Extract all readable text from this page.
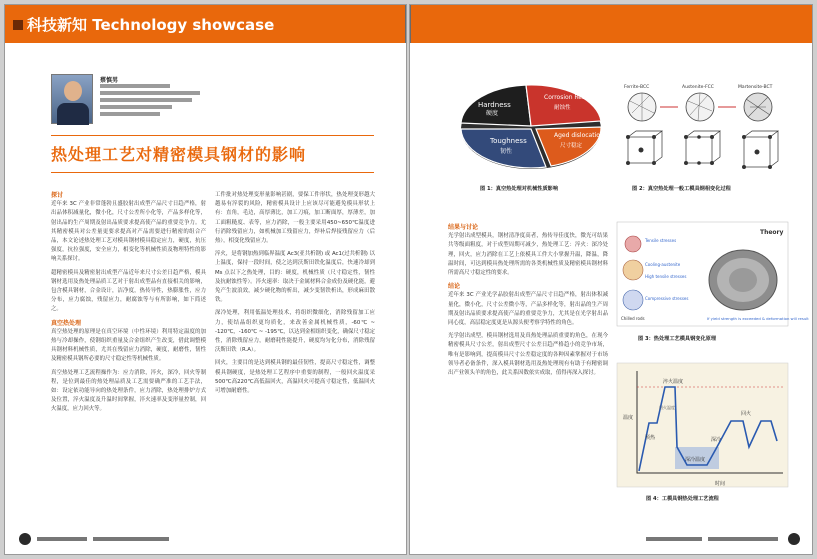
科技新知 Technology showcase
蔡慎男
热处理工艺对精密模具钢材的影响
探讨

近年来 3C 产业非常蓬勃且盛胶射出成型产品尺寸日趋严格，射出品体积减量化，微小化，尺寸公差所小化等，产品多样化等，射出品的生产周期及射出品质要求提高使产品的重要竞争力。尤其精密模具对公差量更要求提高对产品需要进行精密的组合产品，本文论述热处理工艺对模具钢材模具稳定应力，硬度，抗压强度，抗拉强度，安全应力，相变化等机械性质及物理特性的影响关系探讨。

超精密模具及精密射出成型产品近年来尺寸公差日趋严格，模具钢材选用及热处理品质工艺对于射出成型品有直接相关的影响，包含模具钢材，合金设计，洁净度，热传导性，热膨胀性，应力分布，应力腐蚀，残留应力，耐腐蚀等与有所影响，如下简述之。

真空热处理

真空热处理的原理是在真空环境（中性环境）利用特定温度的加热与冷却操作，使钢组织重量及合金组织产生改变，借此调整模具钢材料机械性质，尤其在残留应力消除，硬度，耐磨性，韧性及精密模具钢所必要的尺寸稳定性等机械性质。

真空热处理工艺流程操作为：应力消除，淬火，深冷，回火等制程，是位到最佳的热处理品质及工艺需要确严准的工艺手法，如：设定依功能导向的热处理条件，应力消除，热处理排炉方式及位置，淬火温度及升温时间掌握，淬火速率及变形量控制，回火温度，应力回火等。

工件批对热处理变形量影响甚剧，要保工件形状，热处理变形越大越易有淬裂的风险，精密模具设计上应该尽可能避免模具形状上有：直角，毛边，高厚薄比，加工刀痕，加工断面厚，厚薄差，加工面粗糙度、表等，应力消除，一般主要采用450~650℃温度进行消除残留应力，如机械加工残留应力，焊补后焊接残留应力（后热），相变化残留应力。

淬火，是将钢加热到临界温度 Ac3(亚共析钢) 或 Ac1(过共析钢) 以上温度，保持一段时间，使之达到沃斯田铁化温度后，快速冷却到 Ms 点以下之热处理，目的：硬度，机械性质（尺寸稳定性，韧性及抗耐蚀性等）。淬火速率：取决于金属材料合金成份及硬化能，避免产生波浪效，减少硬化物的析出，减少变韧铁析出，形成麻田散铁。

深冷处理，利用低温处理技术，将组织微细化，消除残留加工应力，使结晶组织更均质化，来改善金属机械性质，-60℃ ~ -120℃，-160℃ ~ -195℃，以达到金相组织变化，确保尺寸稳定性，消除残留应力，耐磨耗性能提升，硬度均匀化分布，消除残留沃斯田铁（R.A）。

回火，主要目的是达到模具钢的最佳韧性，提高尺寸稳定性，调整模具钢硬度，是热处理工艺程序中重要的制程，一般回火温度采500℃高220℃高低温回火，高温回火可提高寸稳定性，低温回火可增加耐磨性。

Hardness
硬度
Corrosion Resistant
耐蚀性
Aged dislocation
尺寸稳定
Toughness
韧性
图 1：真空热处理对机械性质影响
Ferrite-BCC	Austenite-FCC	Martensite-BCT
图 2：真空热处理一般工模具钢相变化过程
结果与讨论

光学射出成型模具，钢材清净度高者，热传导佳度快，微光可结果共等级面粗度，对于成型周期可减少，热处理工艺：淬火：深冷处理，回火，应力消除在工艺上依模具工件大小掌握升温，降温，降温时间，可达到模具热处理所需的各类机械性质及精密模具钢材料所需高尺寸稳定性的要求。

结论

近年来 3C 产业光学品胶射出成型产品尺寸日趋严格，射出体积减量化，微小化，尺寸公差微小等，产品多样化等，射出品的生产周期及射出品质要求提高使产品的重要竞争力，尤其是在光学射出品同心度，高层稳定度更是从源头便考察学特性的角色。

光学射出成型，模具钢材选用及真热处理品质重要的角色，在现今精密模具尺寸公差，射出成型尺寸公差日趋严格趋小的竞争市场，唯有是影响到，提高模具尺寸公差稳定度的各种因素掌握对于市场领导者必备条件，深入模具钢材选用及热处理现有有助于有精密调出产业领头羊的角色，此关系因数依实成取，值得再深入探讨。

Theory
Tensile stresses
Cooling-austenite
High tensile stresses
Compressive stresses
Chilled rods	If yield strength is exceeded & deformation will result
图 3：热处理工艺模具钢变化原理
温度
时间
深冷温度
淬火温度
回火
预热	深冷
回火温度
图 4：工模具钢热处理工艺流程
